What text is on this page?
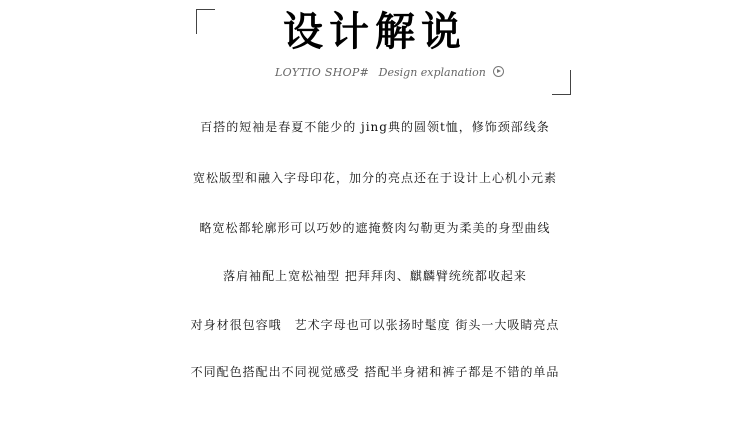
设计解说
LOYTIO SHOP# Design explanation
百搭的短袖是春夏不能少的 jing典的圆领t恤，修饰颈部线条
宽松版型和融入字母印花，加分的亮点还在于设计上心机小元素
略宽松都轮廓形可以巧妙的遮掩赘肉勾勒更为柔美的身型曲线
落肩袖配上宽松袖型 把拜拜肉、麒麟臂统统都收起来
对身材很包容哦　艺术字母也可以张扬时髦度 街头一大吸睛亮点
不同配色搭配出不同视觉感受 搭配半身裙和裤子都是不错的单品
